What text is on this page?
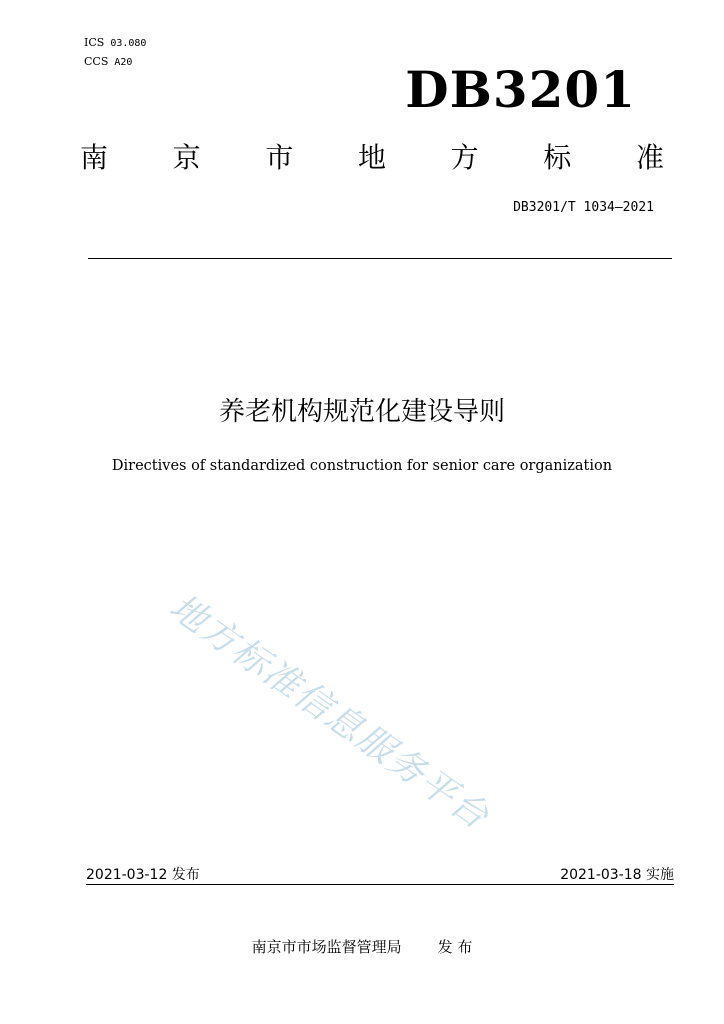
ICS 03.080
CCS A20	DB3201
南 京 市 地 方 标 准
DB3201/T 1034—2021
养老机构规范化建设导则
Directives of standardized construction for senior care organization
地方标准信息服务平台
2021-03-12 发布	2021-03-18 实施
南京市市场监督管理局 发 布
